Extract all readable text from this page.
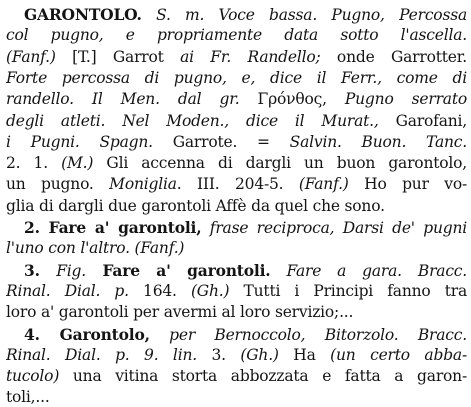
GARONTOLO. S. m. Voce bassa. Pugno, Percossa
col pugno, e propriamente data sotto l'ascella.
(Fanf.) [T.] Garrot ai Fr. Randello; onde Garrotter.
Forte percossa di pugno, e, dice il Ferr., come di
randello. Il Men. dal gr. Γρόνθος, Pugno serrato
degli atleti. Nel Moden., dice il Murat., Garofani,
i Pugni. Spagn. Garrote. = Salvin. Buon. Tanc.
2. 1. (M.) Gli accenna di dargli un buon garontolo,
un pugno. Moniglia. III. 204-5. (Fanf.) Ho pur vo-
glia di dargli due garontoli Affè da quel che sono.
2. Fare a' garontoli, frase reciproca, Darsi de' pugni
l'uno con l'altro. (Fanf.)
3. Fig. Fare a' garontoli. Fare a gara. Bracc.
Rinal. Dial. p. 164. (Gh.) Tutti i Principi fanno tra
loro a' garontoli per avermi al loro servizio;...
4. Garontolo, per Bernoccolo, Bitorzolo. Bracc.
Rinal. Dial. p. 9. lin. 3. (Gh.) Ha (un certo abba-
tucolo) una vitina storta abbozzata e fatta a garon-
toli,...
